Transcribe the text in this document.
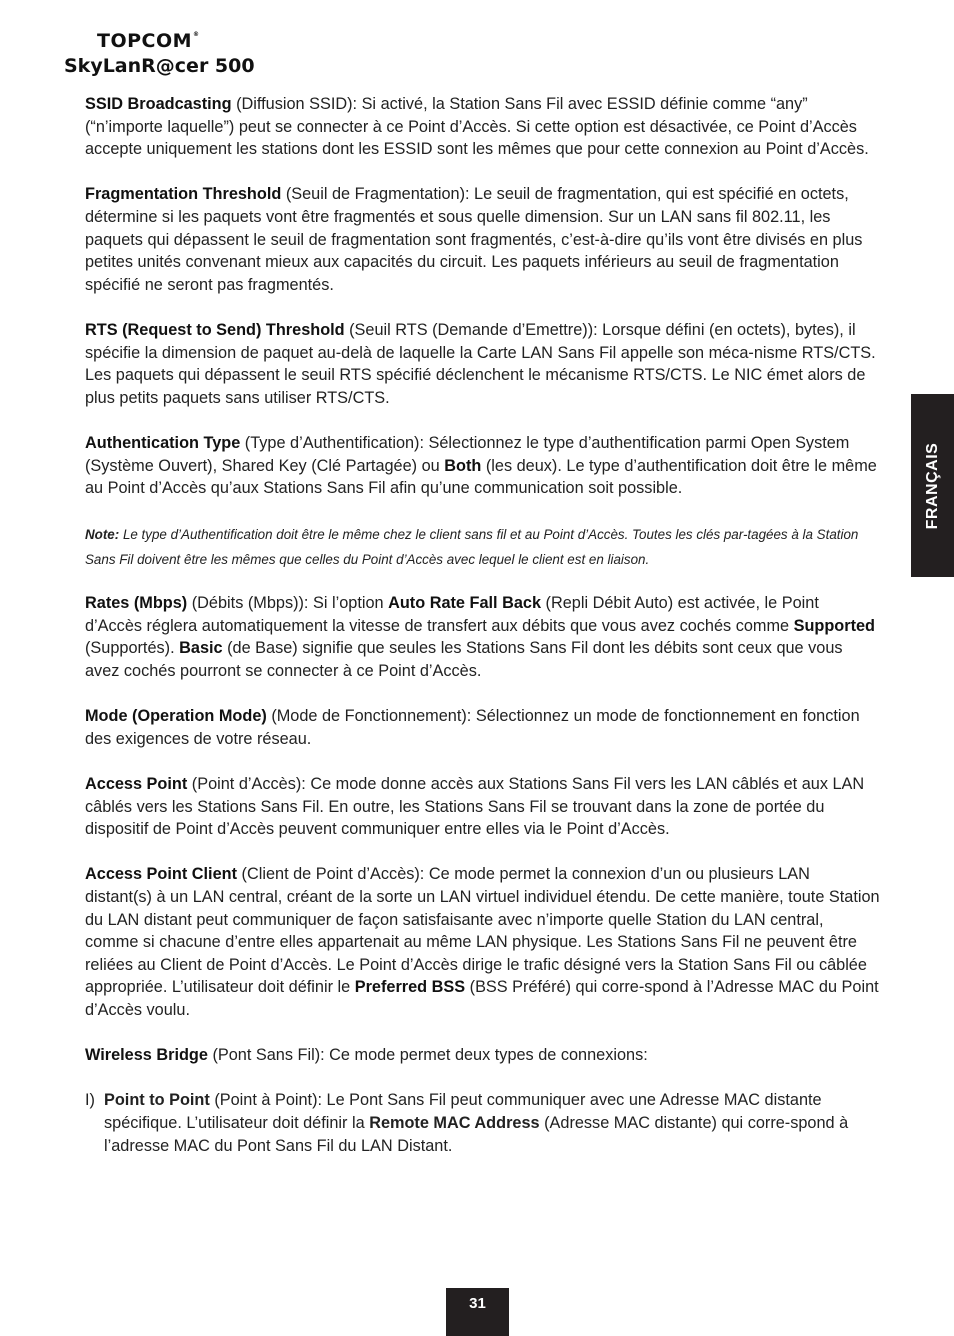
TOPCOM®
SkyLanR@cer 500

SSID Broadcasting (Diffusion SSID): Si activé, la Station Sans Fil avec ESSID définie comme “any” (“n’importe laquelle”) peut se connecter à ce Point d’Accès. Si cette option est désactivée, ce Point d’Accès accepte uniquement les stations dont les ESSID sont les mêmes que pour cette connexion au Point d’Accès.

Fragmentation Threshold (Seuil de Fragmentation): Le seuil de fragmentation, qui est spécifié en octets, détermine si les paquets vont être fragmentés et sous quelle dimension. Sur un LAN sans fil 802.11, les paquets qui dépassent le seuil de fragmentation sont fragmentés, c’est-à-dire qu’ils vont être divisés en plus petites unités convenant mieux aux capacités du circuit. Les paquets inférieurs au seuil de fragmentation spécifié ne seront pas fragmentés.

RTS (Request to Send) Threshold (Seuil RTS (Demande d’Emettre)): Lorsque défini (en octets), bytes), il spécifie la dimension de paquet au-delà de laquelle la Carte LAN Sans Fil appelle son méca-nisme RTS/CTS. Les paquets qui dépassent le seuil RTS spécifié déclenchent le mécanisme RTS/CTS. Le NIC émet alors de plus petits paquets sans utiliser RTS/CTS.

Authentication Type (Type d’Authentification): Sélectionnez le type d’authentification parmi Open System (Système Ouvert), Shared Key (Clé Partagée) ou Both (les deux). Le type d’authentification doit être le même au Point d’Accès qu’aux Stations Sans Fil afin qu’une communication soit possible.

Note: Le type d’Authentification doit être le même chez le client sans fil et au Point d’Accès. Toutes les clés par-tagées à la Station Sans Fil doivent être les mêmes que celles du Point d’Accès avec lequel le client est en liaison.

Rates (Mbps) (Débits (Mbps)): Si l’option Auto Rate Fall Back (Repli Débit Auto) est activée, le Point d’Accès réglera automatiquement la vitesse de transfert aux débits que vous avez cochés comme Supported (Supportés). Basic (de Base) signifie que seules les Stations Sans Fil dont les débits sont ceux que vous avez cochés pourront se connecter à ce Point d’Accès.

Mode (Operation Mode) (Mode de Fonctionnement): Sélectionnez un mode de fonctionnement en fonction des exigences de votre réseau.

Access Point (Point d’Accès): Ce mode donne accès aux Stations Sans Fil vers les LAN câblés et aux LAN câblés vers les Stations Sans Fil. En outre, les Stations Sans Fil se trouvant dans la zone de portée du dispositif de Point d’Accès peuvent communiquer entre elles via le Point d’Accès.

Access Point Client (Client de Point d’Accès): Ce mode permet la connexion d’un ou plusieurs LAN distant(s) à un LAN central, créant de la sorte un LAN virtuel individuel étendu. De cette manière, toute Station du LAN distant peut communiquer de façon satisfaisante avec n’importe quelle Station du LAN central, comme si chacune d’entre elles appartenait au même LAN physique. Les Stations Sans Fil ne peuvent être reliées au Client de Point d’Accès. Le Point d’Accès dirige le trafic désigné vers la Station Sans Fil ou câblée appropriée. L’utilisateur doit définir le Preferred BSS (BSS Préféré) qui corre-spond à l’Adresse MAC du Point d’Accès voulu.

Wireless Bridge (Pont Sans Fil): Ce mode permet deux types de connexions:

I) Point to Point (Point à Point): Le Pont Sans Fil peut communiquer avec une Adresse MAC distante spécifique. L’utilisateur doit définir la Remote MAC Address (Adresse MAC distante) qui corre-spond à l’adresse MAC du Pont Sans Fil du LAN Distant.
FRANÇAIS
31
